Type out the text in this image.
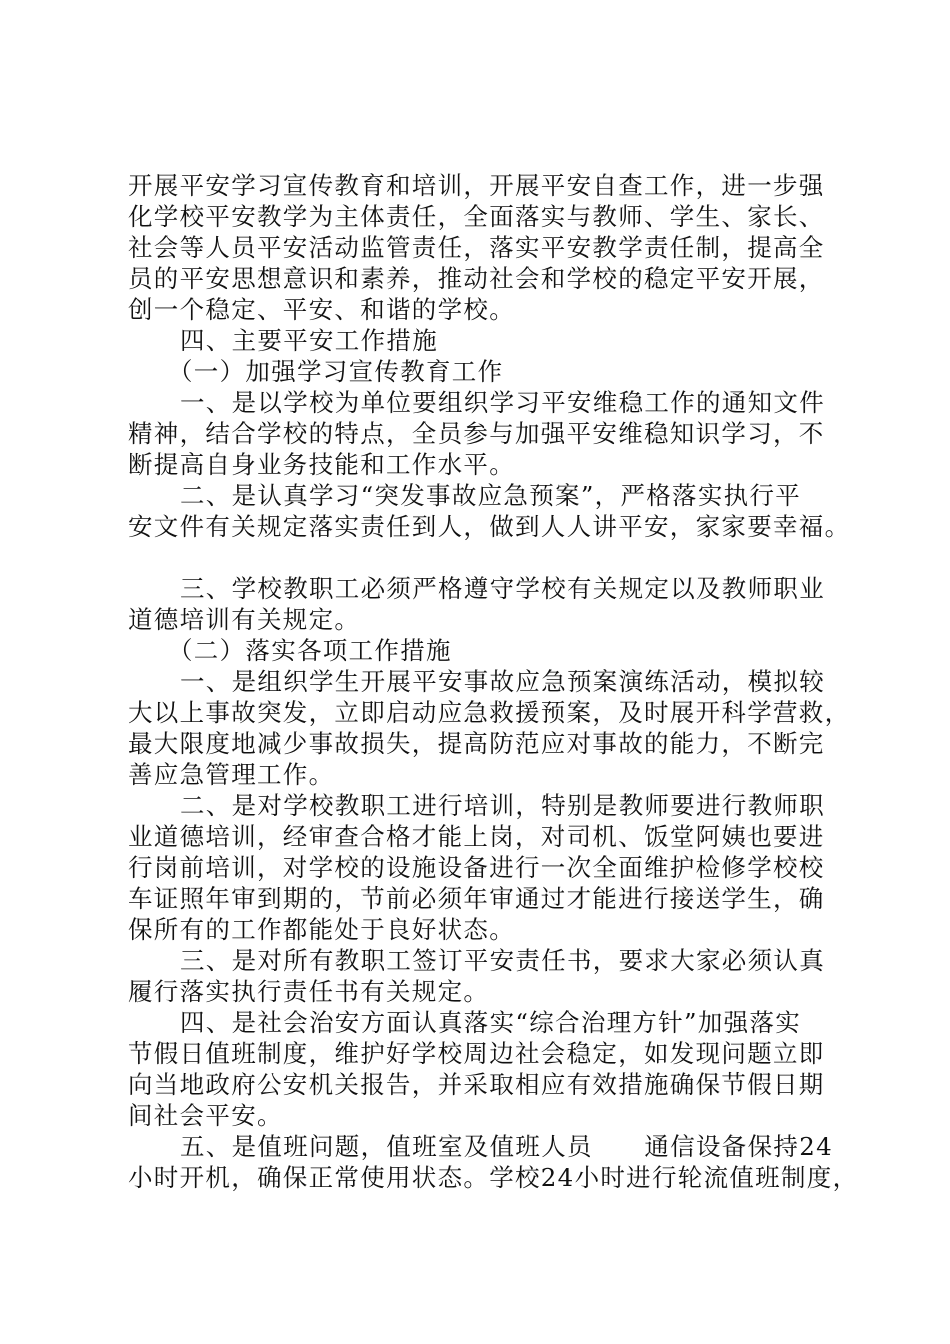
开展平安学习宣传教育和培训，开展平安自查工作，进一步强
化学校平安教学为主体责任，全面落实与教师、学生、家长、
社会等人员平安活动监管责任，落实平安教学责任制，提高全
员的平安思想意识和素养，推动社会和学校的稳定平安开展，
创一个稳定、平安、和谐的学校。
四、主要平安工作措施
（一）加强学习宣传教育工作
一、是以学校为单位要组织学习平安维稳工作的通知文件
精神，结合学校的特点，全员参与加强平安维稳知识学习，不
断提高自身业务技能和工作水平。
二、是认真学习“突发事故应急预案”，严格落实执行平
安文件有关规定落实责任到人，做到人人讲平安，家家要幸福。
三、学校教职工必须严格遵守学校有关规定以及教师职业
道德培训有关规定。
（二）落实各项工作措施
一、是组织学生开展平安事故应急预案演练活动，模拟较
大以上事故突发，立即启动应急救援预案，及时展开科学营救，
最大限度地减少事故损失，提高防范应对事故的能力，不断完
善应急管理工作。
二、是对学校教职工进行培训，特别是教师要进行教师职
业道德培训，经审查合格才能上岗，对司机、饭堂阿姨也要进
行岗前培训，对学校的设施设备进行一次全面维护检修学校校
车证照年审到期的，节前必须年审通过才能进行接送学生，确
保所有的工作都能处于良好状态。
三、是对所有教职工签订平安责任书，要求大家必须认真
履行落实执行责任书有关规定。
四、是社会治安方面认真落实“综合治理方针”加强落实
节假日值班制度，维护好学校周边社会稳定，如发现问题立即
向当地政府公安机关报告，并采取相应有效措施确保节假日期
间社会平安。
五、是值班问题，值班室及值班人员　　通信设备保持24
小时开机，确保正常使用状态。学校24小时进行轮流值班制度，
